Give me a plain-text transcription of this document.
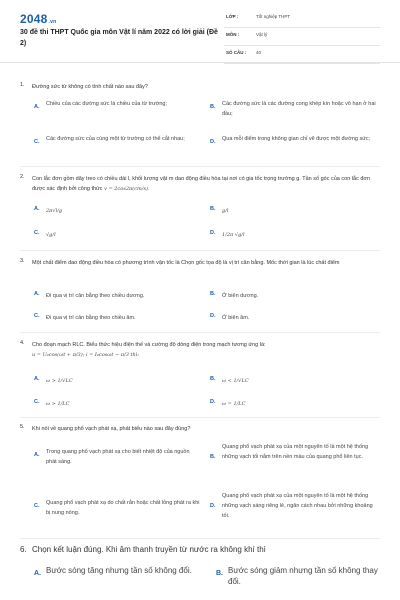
2048.vn
30 đề thi THPT Quốc gia môn Vật lí năm 2022 có lời giải (Đề 2)
LỚP :	Tốt nghiệp THPT
MÔN :	Vật lý
SỐ CÂU : 40
1. Đường sức từ không có tính chất nào sau đây?
A. Chiều của các đường sức là chiều của từ trường;	B. Các đường sức là các đường cong khép kín hoặc vô hạn ở hai đầu;
C. Các đường sức của cùng một từ trường có thể cắt nhau;	D. Qua mỗi điểm trong không gian chỉ vẽ được một đường sức;
2. Con lắc đơn gồm dây treo có chiều dài l, khối lượng vật m dao động điều hòa tại nơi có gia tốc trọng trường g. Tần số góc của con lắc đơn được xác định bởi công thức v = 2cos2π(cm/s).
A. 2π√l/g	B. g/l
C. √g/l	D. 1/2π √g/l
3. Một chất điểm dao động điều hòa có phương trình vận tốc là Chọn gốc tọa độ là vị trí cân bằng. Mốc thời gian là lúc chất điểm
A. Đi qua vị trí cân bằng theo chiều dương.	B. Ở biên dương.
C. Đi qua vị trí cân bằng theo chiều âm.	D. Ở biên âm.
4. Cho đoạn mạch RLC. Biểu thức hiệu điện thế và cường độ dòng điện trong mạch tương ứng là:
u = U₀cos(ωt + π/3); i = I₀cosωt − π/3 thì:
A. ω > 1/√LC	B. ω < 1/√LC
C. ω > 1/LC	D. ω = 1/LC
5. Khi nói về quang phổ vạch phát xạ, phát biểu nào sau đây đúng?
A. Trong quang phổ vạch phát xạ cho biết nhiệt độ của nguồn phát sáng.
B.
Quang phổ vạch phát xạ của một nguyên tố là một hệ thống những vạch tối nằm trên nền màu của quang phổ liên tục.
C. Quang phổ vạch phát xạ do chất rắn hoặc chất lỏng phát ra khi bị nung nóng.
D.
Quang phổ vạch phát xạ của một nguyên tố là một hệ thống những vạch sáng riêng lẻ, ngăn cách nhau bởi những khoảng tối.
6. Chọn kết luận đúng. Khi âm thanh truyền từ nước ra không khí thì
A. Bước sóng tăng nhưng tần số không đổi.	B. Bước sóng giảm nhưng tần số không thay đổi.
